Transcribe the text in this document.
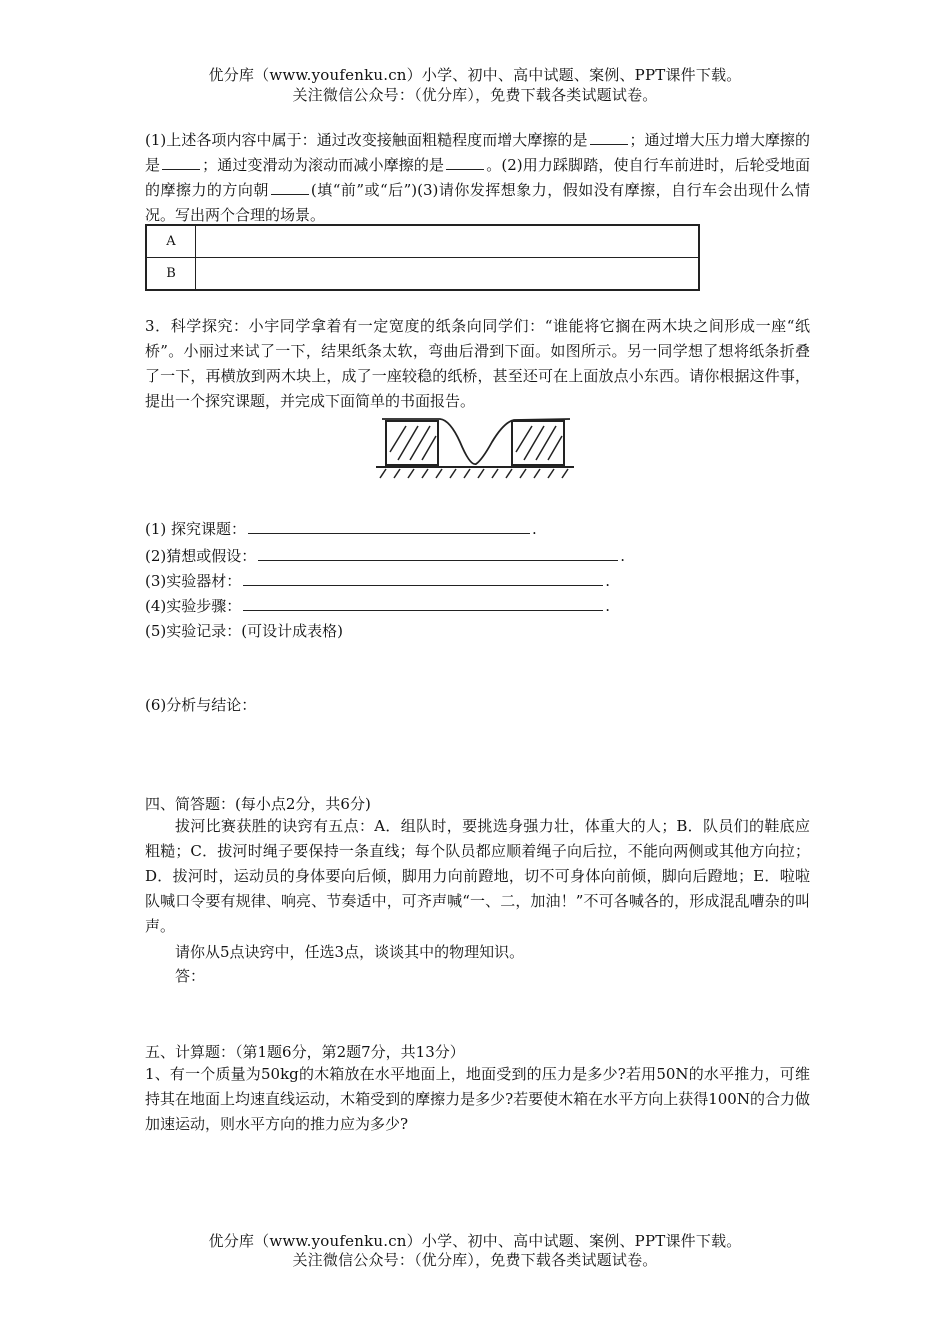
优分库（www.youfenku.cn）小学、初中、高中试题、案例、PPT课件下载。
关注微信公众号：（优分库），免费下载各类试题试卷。
(1)上述各项内容中属于：通过改变接触面粗糙程度而增大摩擦的是	；通过增大压力增大摩擦的是	；通过变滑动为滚动而减小摩擦的是	。(2)用力踩脚踏，使自行车前进时，后轮受地面的摩擦力的方向朝	(填“前”或“后”)(3)请你发挥想象力，假如没有摩擦，自行车会出现什么情况。写出两个合理的场景。
A	
B	
3．科学探究：小宇同学拿着有一定宽度的纸条向同学们：“谁能将它搁在两木块之间形成一座“纸桥”。小丽过来试了一下，结果纸条太软，弯曲后滑到下面。如图所示。另一同学想了想将纸条折叠了一下，再横放到两木块上，成了一座较稳的纸桥，甚至还可在上面放点小东西。请你根据这件事，提出一个探究课题，并完成下面简单的书面报告。
(1) 探究课题：	.
(2)猜想或假设：	.
(3)实验器材：	.
(4)实验步骤：	.
(5)实验记录：(可设计成表格)
(6)分析与结论：
四、简答题：(每小点2分，共6分)
拔河比赛获胜的诀窍有五点：A．组队时，要挑选身强力壮，体重大的人；B．队员们的鞋底应粗糙；C．拔河时绳子要保持一条直线；每个队员都应顺着绳子向后拉，不能向两侧或其他方向拉；D．拔河时，运动员的身体要向后倾，脚用力向前蹬地，切不可身体向前倾，脚向后蹬地；E．啦啦队喊口令要有规律、响亮、节奏适中，可齐声喊“一、二，加油！”不可各喊各的，形成混乱嘈杂的叫声。
请你从5点诀窍中，任选3点，谈谈其中的物理知识。
答：
五、计算题：（第1题6分，第2题7分，共13分）
1、有一个质量为50kg的木箱放在水平地面上，地面受到的压力是多少?若用50N的水平推力，可维持其在地面上均速直线运动，木箱受到的摩擦力是多少?若要使木箱在水平方向上获得100N的合力做加速运动，则水平方向的推力应为多少?
优分库（www.youfenku.cn）小学、初中、高中试题、案例、PPT课件下载。
关注微信公众号：（优分库），免费下载各类试题试卷。
